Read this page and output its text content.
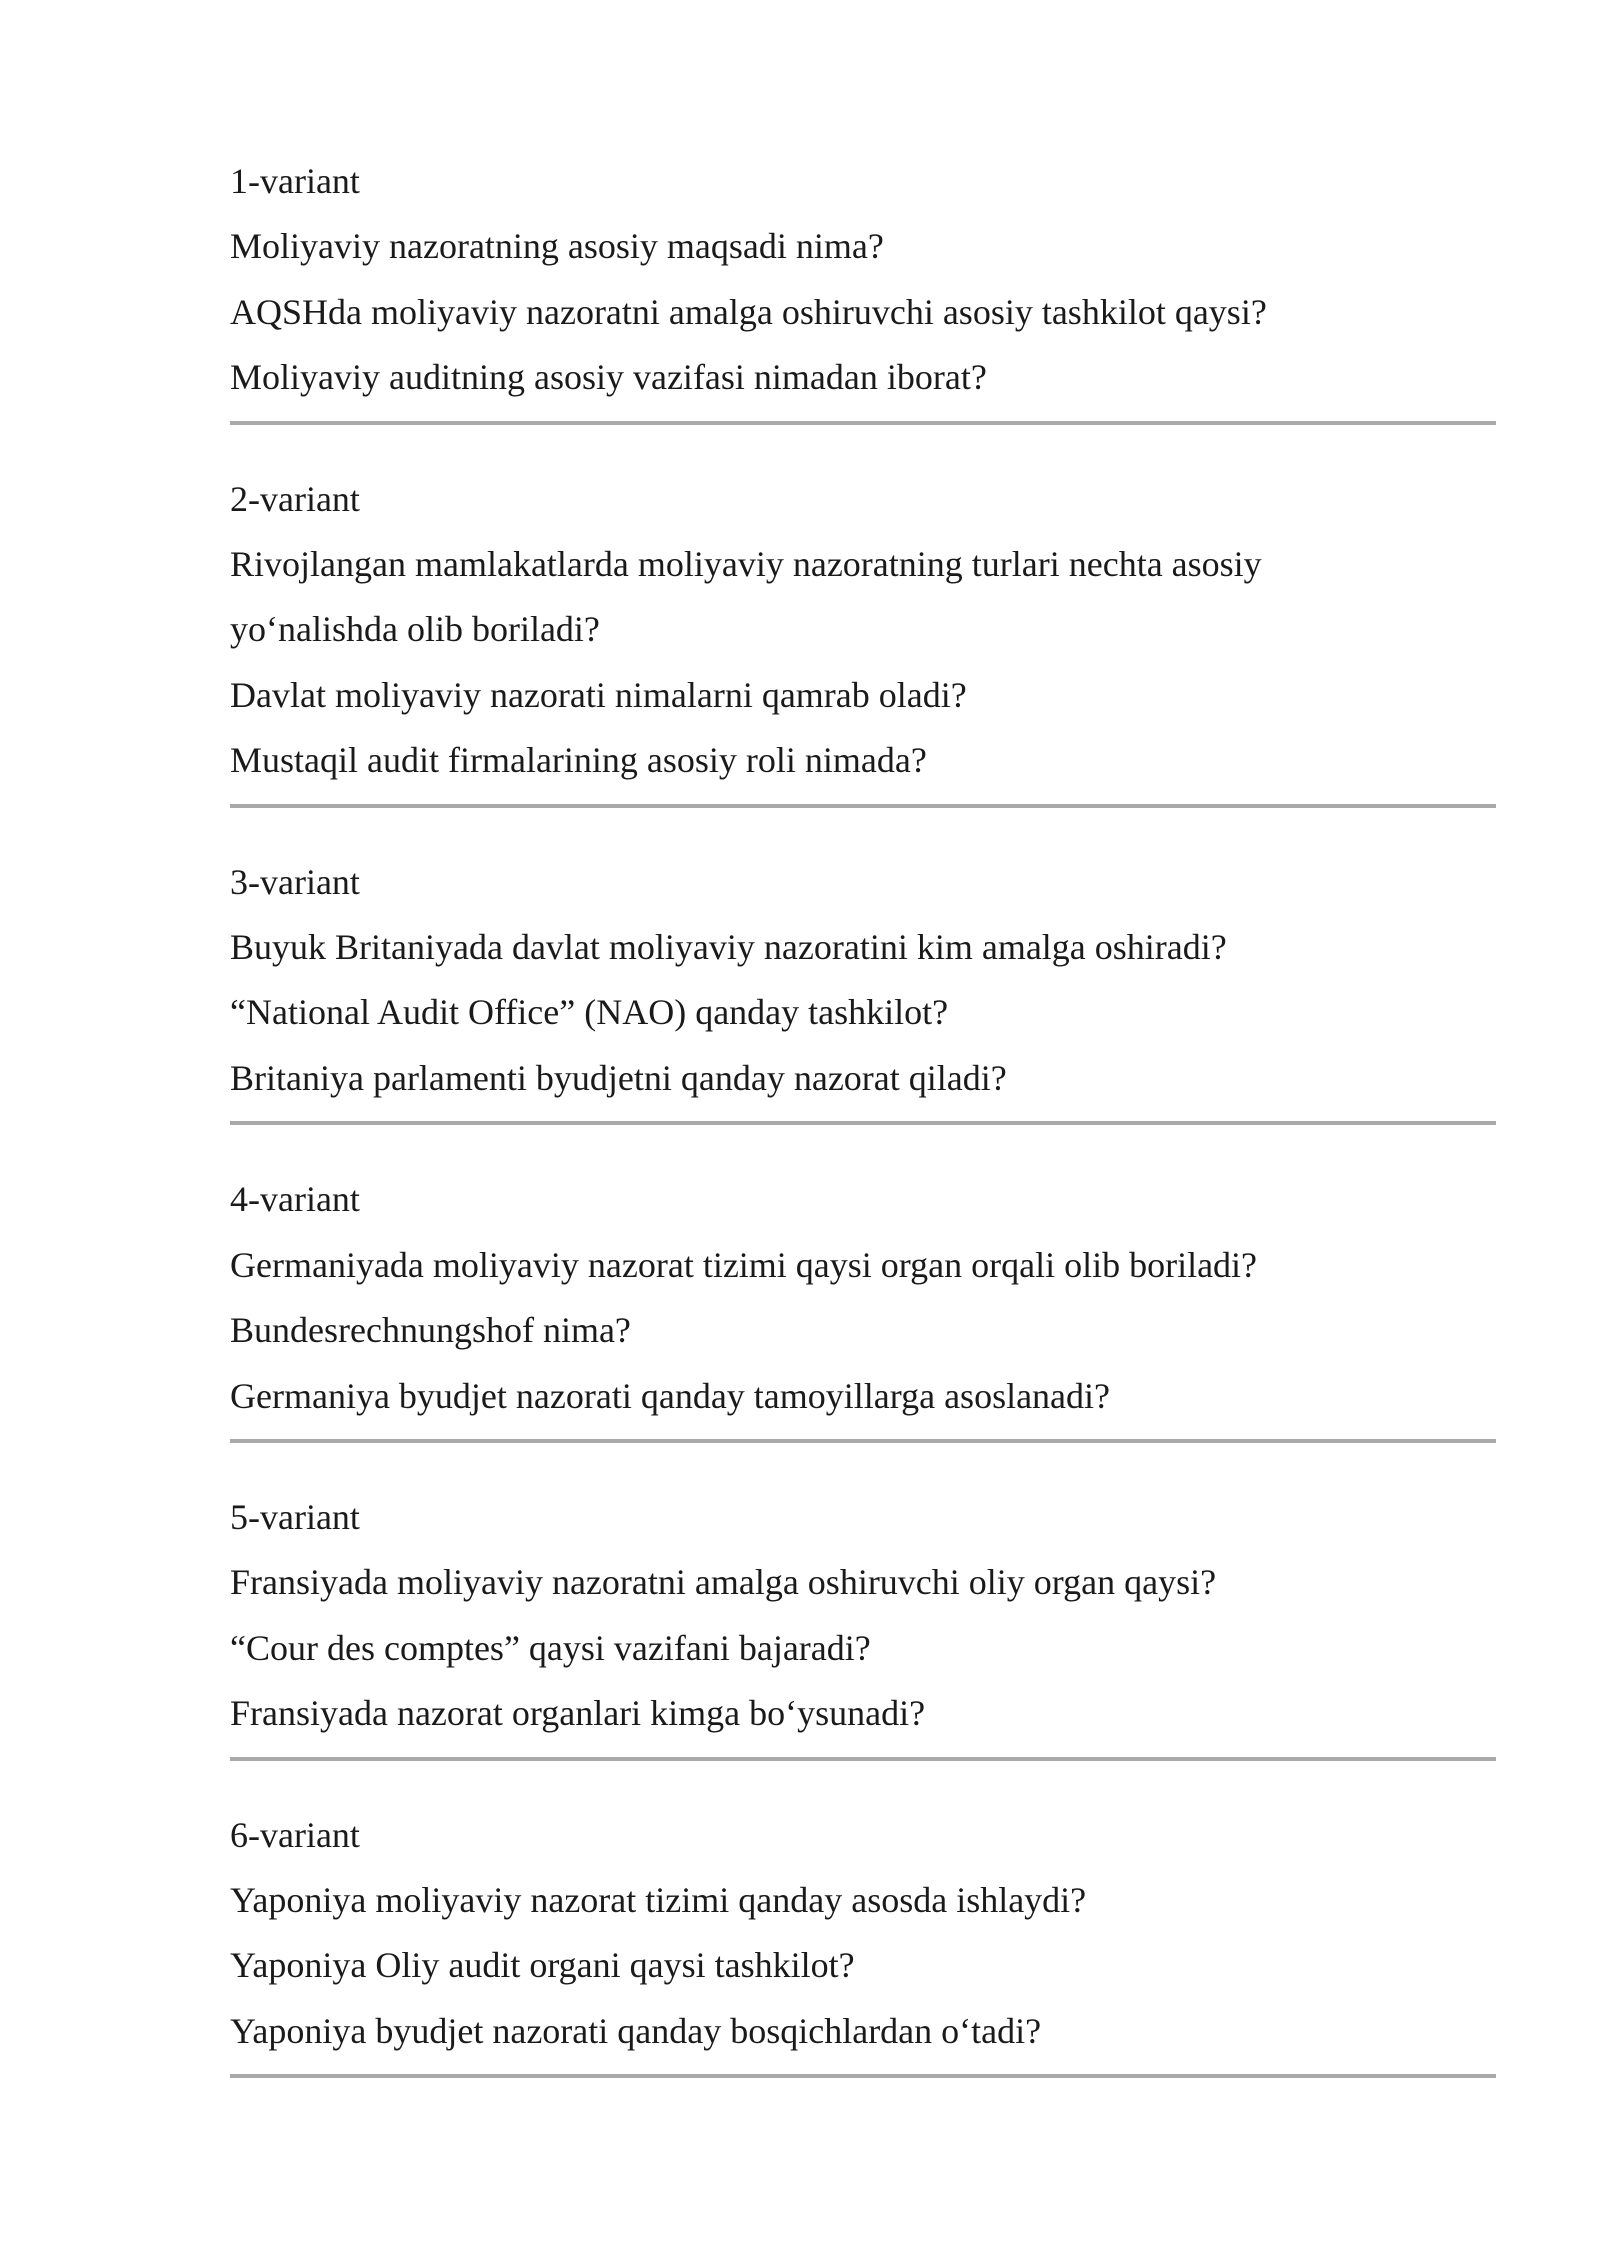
1-variant
Moliyaviy nazoratning asosiy maqsadi nima?
AQSHda moliyaviy nazoratni amalga oshiruvchi asosiy tashkilot qaysi?
Moliyaviy auditning asosiy vazifasi nimadan iborat?
2-variant
Rivojlangan mamlakatlarda moliyaviy nazoratning turlari nechta asosiy
yo‘nalishda olib boriladi?
Davlat moliyaviy nazorati nimalarni qamrab oladi?
Mustaqil audit firmalarining asosiy roli nimada?
3-variant
Buyuk Britaniyada davlat moliyaviy nazoratini kim amalga oshiradi?
“National Audit Office” (NAO) qanday tashkilot?
Britaniya parlamenti byudjetni qanday nazorat qiladi?
4-variant
Germaniyada moliyaviy nazorat tizimi qaysi organ orqali olib boriladi?
Bundesrechnungshof nima?
Germaniya byudjet nazorati qanday tamoyillarga asoslanadi?
5-variant
Fransiyada moliyaviy nazoratni amalga oshiruvchi oliy organ qaysi?
“Cour des comptes” qaysi vazifani bajaradi?
Fransiyada nazorat organlari kimga bo‘ysunadi?
6-variant
Yaponiya moliyaviy nazorat tizimi qanday asosda ishlaydi?
Yaponiya Oliy audit organi qaysi tashkilot?
Yaponiya byudjet nazorati qanday bosqichlardan o‘tadi?
